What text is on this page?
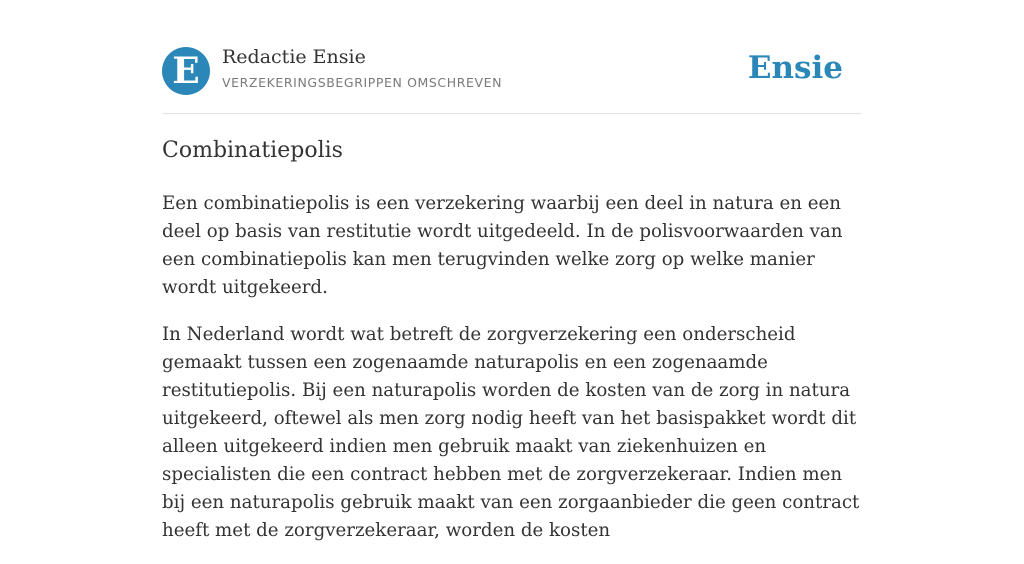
E	Redactie Ensie
VERZEKERINGSBEGRIPPEN OMSCHREVEN	Ensie
Combinatiepolis

Een combinatiepolis is een verzekering waarbij een deel in natura en een deel op basis van restitutie wordt uitgedeeld. In de polisvoorwaarden van een combinatiepolis kan men terugvinden welke zorg op welke manier wordt uitgekeerd.

In Nederland wordt wat betreft de zorgverzekering een onderscheid gemaakt tussen een zogenaamde naturapolis en een zogenaamde restitutiepolis. Bij een naturapolis worden de kosten van de zorg in natura uitgekeerd, oftewel als men zorg nodig heeft van het basispakket wordt dit alleen uitgekeerd indien men gebruik maakt van ziekenhuizen en specialisten die een contract hebben met de zorgverzekeraar. Indien men bij een naturapolis gebruik maakt van een zorgaanbieder die geen contract heeft met de zorgverzekeraar, worden de kosten
